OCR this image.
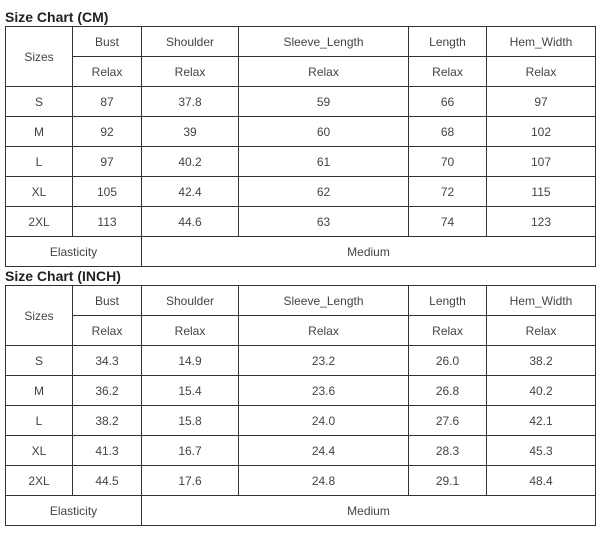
Size Chart (CM)
Sizes	Bust	Shoulder	Sleeve_Length	Length	Hem_Width
	Relax	Relax	Relax	Relax	Relax
S	87	37.8	59	66	97
M	92	39	60	68	102
L	97	40.2	61	70	107
XL	105	42.4	62	72	115
2XL	113	44.6	63	74	123
Elasticity		Medium			
Size Chart (INCH)
Sizes	Bust	Shoulder	Sleeve_Length	Length	Hem_Width
	Relax	Relax	Relax	Relax	Relax
S	34.3	14.9	23.2	26.0	38.2
M	36.2	15.4	23.6	26.8	40.2
L	38.2	15.8	24.0	27.6	42.1
XL	41.3	16.7	24.4	28.3	45.3
2XL	44.5	17.6	24.8	29.1	48.4
Elasticity		Medium			
